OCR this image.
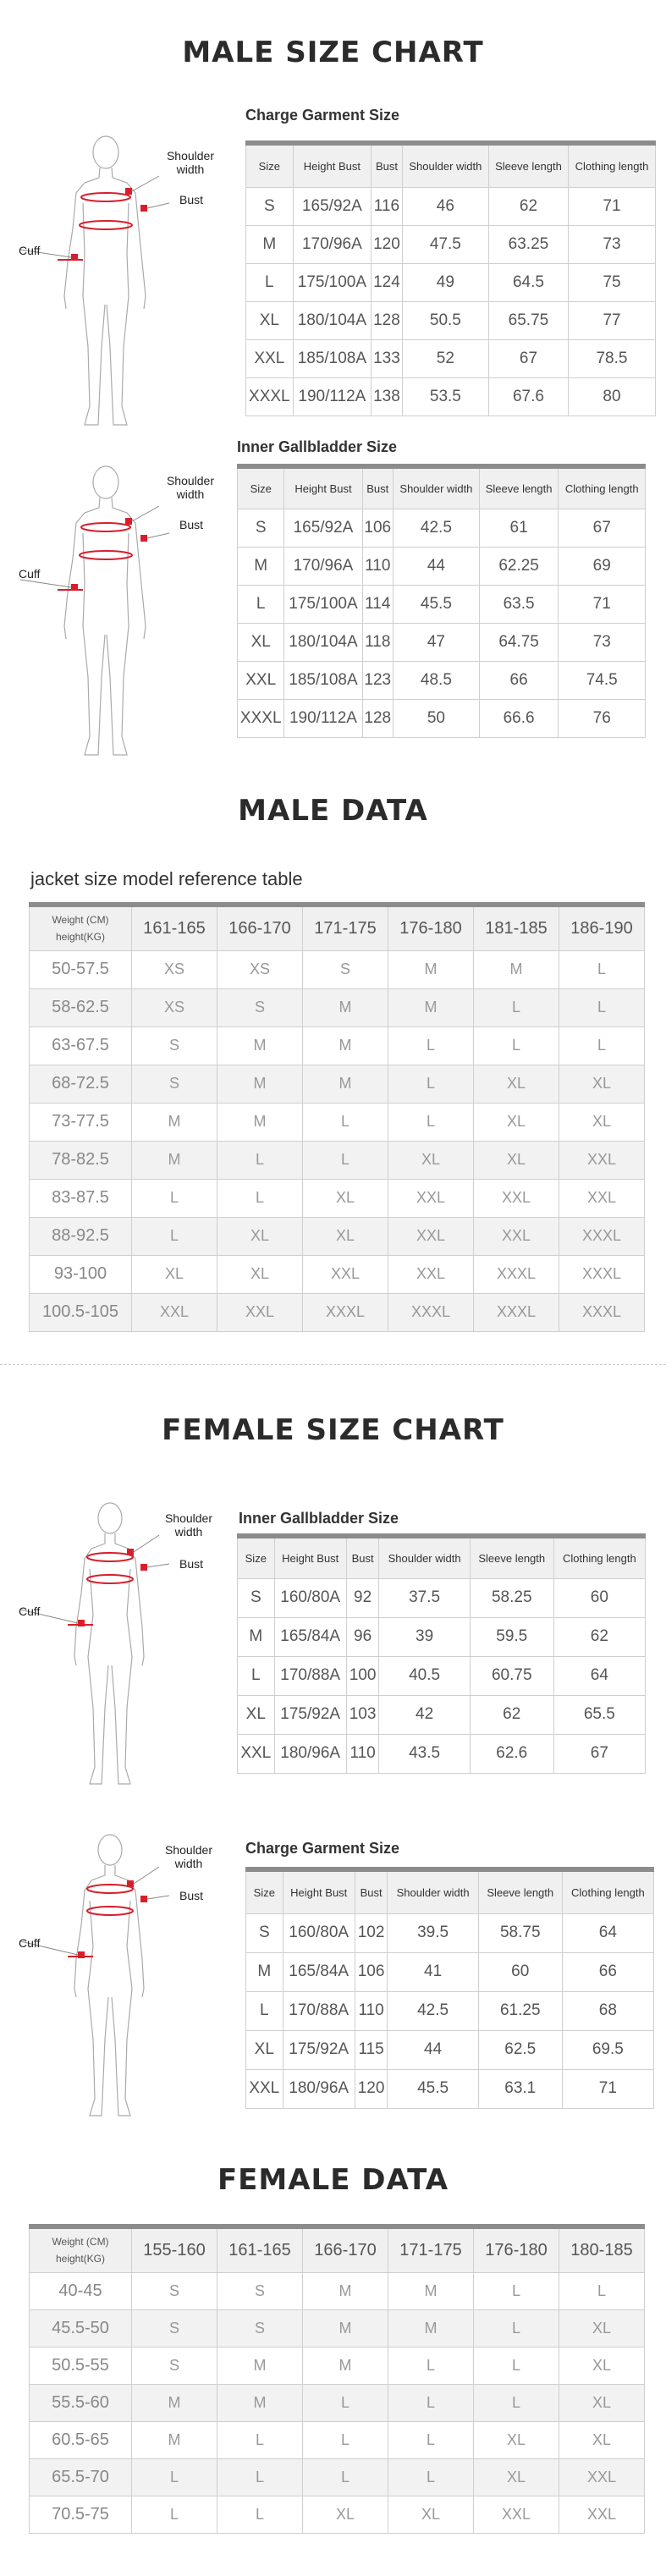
MALE SIZE CHART
Shoulder width
Bust
Cuff
Charge Garment Size
Size	Height Bust	Bust	Shoulder width	Sleeve length	Clothing length
S	165/92A	116	46	62	71
M	170/96A	120	47.5	63.25	73
L	175/100A	124	49	64.5	75
XL	180/104A	128	50.5	65.75	77
XXL	185/108A	133	52	67	78.5
XXXL	190/112A	138	53.5	67.6	80
Shoulder width
Bust
Cuff
Inner Gallbladder Size
Size	Height Bust	Bust	Shoulder width	Sleeve length	Clothing length
S	165/92A	106	42.5	61	67
M	170/96A	110	44	62.25	69
L	175/100A	114	45.5	63.5	71
XL	180/104A	118	47	64.75	73
XXL	185/108A	123	48.5	66	74.5
XXXL	190/112A	128	50	66.6	76
MALE DATA
jacket size model reference table
Weight (CM) height(KG)	161-165	166-170	171-175	176-180	181-185	186-190
50-57.5	XS	XS	S	M	M	L
58-62.5	XS	S	M	M	L	L
63-67.5	S	M	M	L	L	L
68-72.5	S	M	M	L	XL	XL
73-77.5	M	M	L	L	XL	XL
78-82.5	M	L	L	XL	XL	XXL
83-87.5	L	L	XL	XXL	XXL	XXL
88-92.5	L	XL	XL	XXL	XXL	XXXL
93-100	XL	XL	XXL	XXL	XXXL	XXXL
100.5-105	XXL	XXL	XXXL	XXXL	XXXL	XXXL
FEMALE SIZE CHART
Shoulder width
Bust
Cuff
Inner Gallbladder Size
Size	Height Bust	Bust	Shoulder width	Sleeve length	Clothing length
S	160/80A	92	37.5	58.25	60
M	165/84A	96	39	59.5	62
L	170/88A	100	40.5	60.75	64
XL	175/92A	103	42	62	65.5
XXL	180/96A	110	43.5	62.6	67
Shoulder width
Bust
Cuff
Charge Garment Size
Size	Height Bust	Bust	Shoulder width	Sleeve length	Clothing length
S	160/80A	102	39.5	58.75	64
M	165/84A	106	41	60	66
L	170/88A	110	42.5	61.25	68
XL	175/92A	115	44	62.5	69.5
XXL	180/96A	120	45.5	63.1	71
FEMALE DATA
Weight (CM) height(KG)	155-160	161-165	166-170	171-175	176-180	180-185
40-45	S	S	M	M	L	L
45.5-50	S	S	M	M	L	XL
50.5-55	S	M	M	L	L	XL
55.5-60	M	M	L	L	L	XL
60.5-65	M	L	L	L	XL	XL
65.5-70	L	L	L	L	XL	XXL
70.5-75	L	L	XL	XL	XXL	XXL
